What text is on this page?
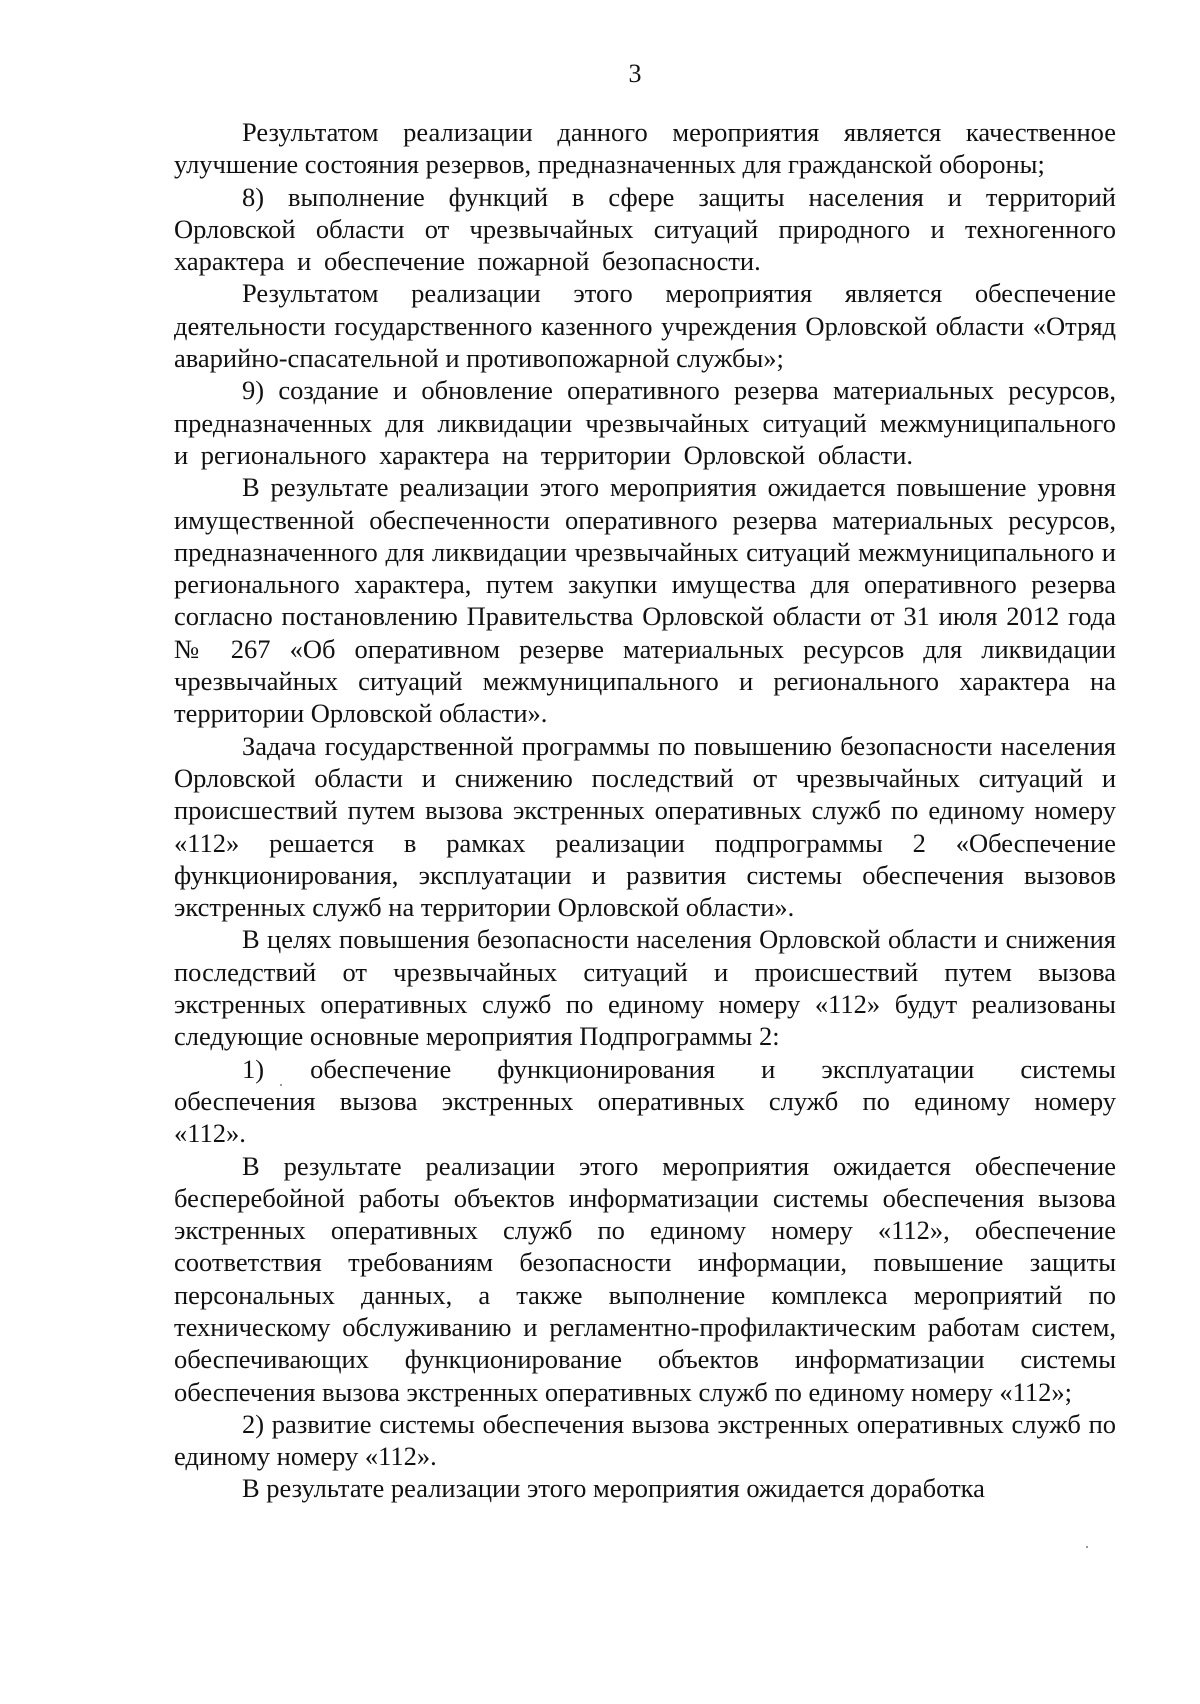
3

Результатом реализации данного мероприятия является качественное улучшение состояния резервов, предназначенных для гражданской обороны;

8) выполнение функций в сфере защиты населения и территорий Орловской области от чрезвычайных ситуаций природного и техногенного характера и обеспечение пожарной безопасности.

Результатом реализации этого мероприятия является обеспечение деятельности государственного казенного учреждения Орловской области «Отряд аварийно-спасательной и противопожарной службы»;

9) создание и обновление оперативного резерва материальных ресурсов, предназначенных для ликвидации чрезвычайных ситуаций межмуниципального и регионального характера на территории Орловской области.

В результате реализации этого мероприятия ожидается повышение уровня имущественной обеспеченности оперативного резерва материальных ресурсов, предназначенного для ликвидации чрезвычайных ситуаций межмуниципального и регионального характера, путем закупки имущества для оперативного резерва согласно постановлению Правительства Орловской области от 31 июля 2012 года № 267 «Об оперативном резерве материальных ресурсов для ликвидации чрезвычайных ситуаций межмуниципального и регионального характера на территории Орловской области».

Задача государственной программы по повышению безопасности населения Орловской области и снижению последствий от чрезвычайных ситуаций и происшествий путем вызова экстренных оперативных служб по единому номеру «112» решается в рамках реализации подпрограммы 2 «Обеспечение функционирования, эксплуатации и развития системы обеспечения вызовов экстренных служб на территории Орловской области».

В целях повышения безопасности населения Орловской области и снижения последствий от чрезвычайных ситуаций и происшествий путем вызова экстренных оперативных служб по единому номеру «112» будут реализованы следующие основные мероприятия Подпрограммы 2:

1) обеспечение функционирования и эксплуатации системы обеспечения вызова экстренных оперативных служб по единому номеру «112».

В результате реализации этого мероприятия ожидается обеспечение бесперебойной работы объектов информатизации системы обеспечения вызова экстренных оперативных служб по единому номеру «112», обеспечение соответствия требованиям безопасности информации, повышение защиты персональных данных, а также выполнение комплекса мероприятий по техническому обслуживанию и регламентно-профилактическим работам систем, обеспечивающих функционирование объектов информатизации системы обеспечения вызова экстренных оперативных служб по единому номеру «112»;

2) развитие системы обеспечения вызова экстренных оперативных служб по единому номеру «112».

В результате реализации этого мероприятия ожидается доработка
